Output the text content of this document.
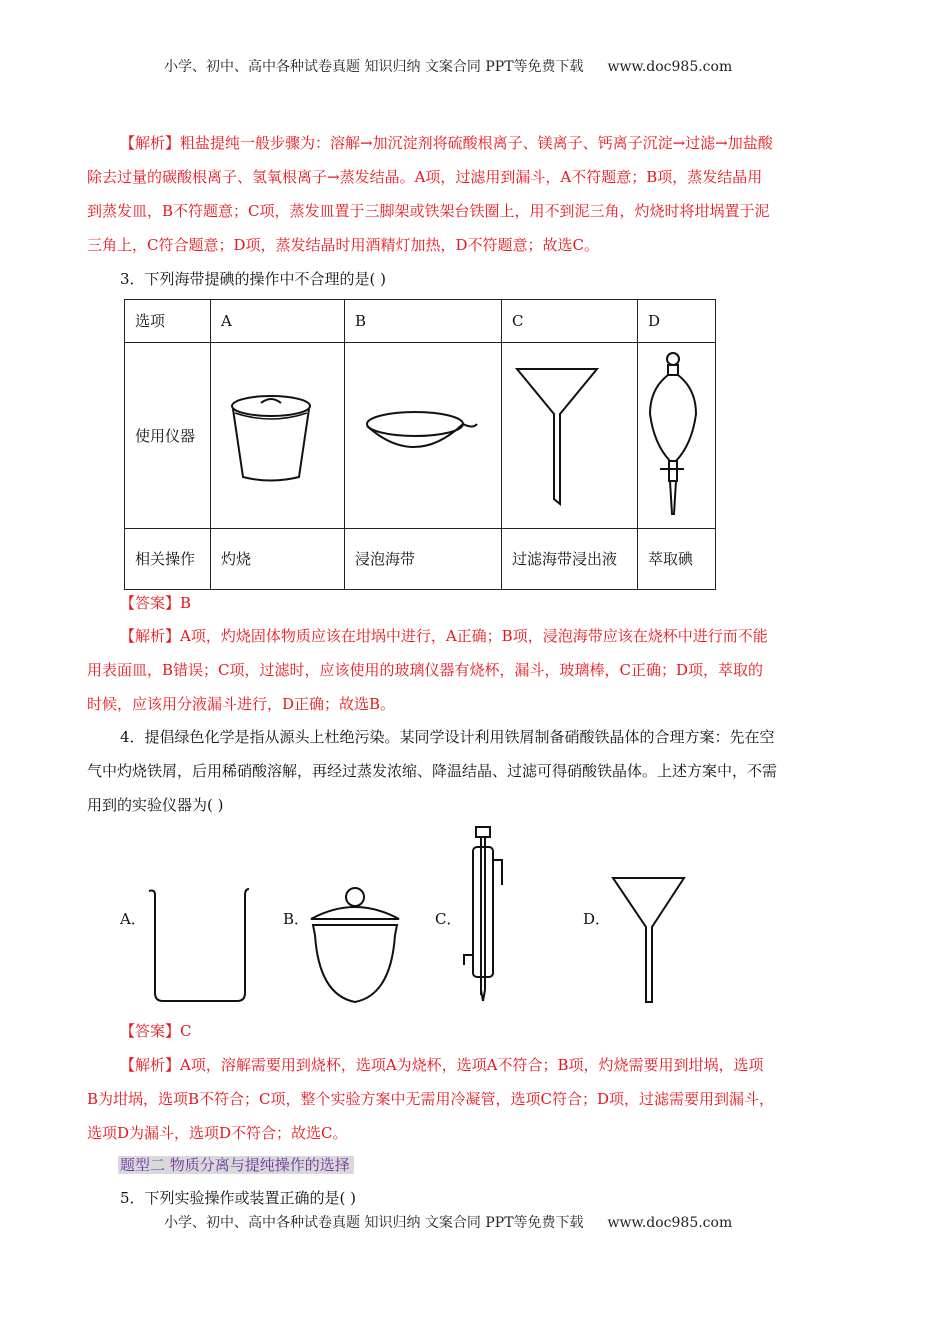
小学、初中、高中各种试卷真题 知识归纳 文案合同 PPT等免费下载 www.doc985.com
【解析】粗盐提纯一般步骤为：溶解→加沉淀剂将硫酸根离子、镁离子、钙离子沉淀→过滤→加盐酸
除去过量的碳酸根离子、氢氧根离子→蒸发结晶。A项，过滤用到漏斗，A不符题意；B项，蒸发结晶用
到蒸发皿，B不符题意；C项，蒸发皿置于三脚架或铁架台铁圈上，用不到泥三角，灼烧时将坩埚置于泥
三角上，C符合题意；D项，蒸发结晶时用酒精灯加热，D不符题意；故选C。
3．下列海带提碘的操作中不合理的是( )
选项	A	B	C	D
使用仪器				
相关操作	灼烧	浸泡海带	过滤海带浸出液	萃取碘
【答案】B
【解析】A项，灼烧固体物质应该在坩埚中进行，A正确；B项，浸泡海带应该在烧杯中进行而不能
用表面皿，B错误；C项，过滤时，应该使用的玻璃仪器有烧杯，漏斗，玻璃棒，C正确；D项，萃取的
时候，应该用分液漏斗进行，D正确；故选B。
4．提倡绿色化学是指从源头上杜绝污染。某同学设计利用铁屑制备硝酸铁晶体的合理方案：先在空
气中灼烧铁屑，后用稀硝酸溶解，再经过蒸发浓缩、降温结晶、过滤可得硝酸铁晶体。上述方案中，不需
用到的实验仪器为( )
A．	B．	C．	D．
【答案】C
【解析】A项，溶解需要用到烧杯，选项A为烧杯，选项A不符合；B项，灼烧需要用到坩埚，选项
B为坩埚，选项B不符合；C项，整个实验方案中无需用冷凝管，选项C符合；D项，过滤需要用到漏斗，
选项D为漏斗，选项D不符合；故选C。
题型二 物质分离与提纯操作的选择
5．下列实验操作或装置正确的是( )
小学、初中、高中各种试卷真题 知识归纳 文案合同 PPT等免费下载 www.doc985.com
